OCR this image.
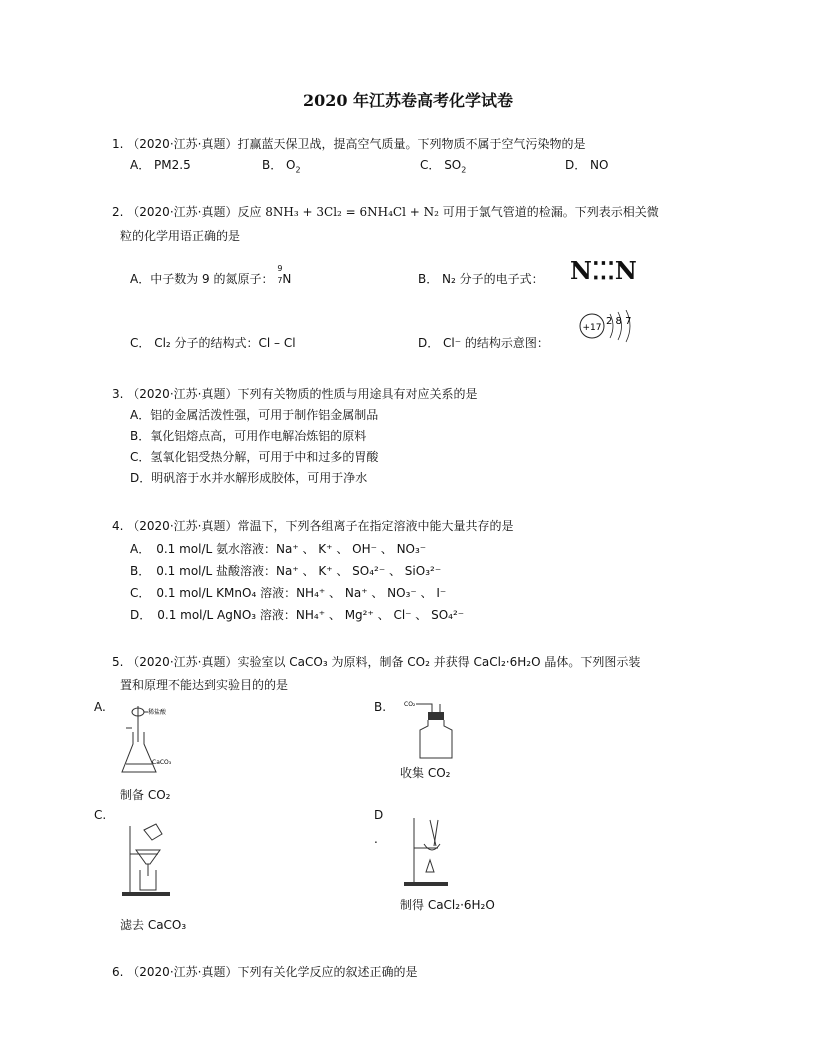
2020 年江苏卷高考化学试卷
1. （2020·江苏·真题）打赢蓝天保卫战，提高空气质量。下列物质不属于空气污染物的是
A． PM2.5	B． $O_2$	C． $SO_2$	D． NO
2. （2020·江苏·真题）反应 8NH₃ + 3Cl₂ = 6NH₄Cl + N₂ 可用于氯气管道的检漏。下列表示相关微
粒的化学用语正确的是
A．中子数为 9 的氮原子：
9
7 N	B． N₂ 分子的电子式： N⁚⁚⁚N
C． Cl₂ 分子的结构式：Cl – Cl	D． Cl⁻ 的结构示意图：
+17
2 8 7
3. （2020·江苏·真题）下列有关物质的性质与用途具有对应关系的是
A．铝的金属活泼性强，可用于制作铝金属制品
B．氧化铝熔点高，可用作电解冶炼铝的原料
C．氢氧化铝受热分解，可用于中和过多的胃酸
D．明矾溶于水并水解形成胶体，可用于净水
4. （2020·江苏·真题）常温下，下列各组离子在指定溶液中能大量共存的是
A．　0.1 mol/L 氨水溶液：Na⁺ 、 K⁺ 、 OH⁻ 、 NO₃⁻
B．　0.1 mol/L 盐酸溶液：Na⁺ 、 K⁺ 、 SO₄²⁻ 、 SiO₃²⁻
C．　0.1 mol/L KMnO₄ 溶液：NH₄⁺ 、 Na⁺ 、 NO₃⁻ 、 I⁻
D．　0.1 mol/L AgNO₃ 溶液：NH₄⁺ 、 Mg²⁺ 、 Cl⁻ 、 SO₄²⁻
5. （2020·江苏·真题）实验室以 CaCO₃ 为原料，制备 CO₂ 并获得 CaCl₂·6H₂O 晶体。下列图示装
置和原理不能达到实验目的的是
A.	稀盐酸
CaCO₃
制备 CO₂
B.	CO₂
收集 CO₂
C.
滤去 CaCO₃
D
.
制得 CaCl₂·6H₂O
6. （2020·江苏·真题）下列有关化学反应的叙述正确的是
